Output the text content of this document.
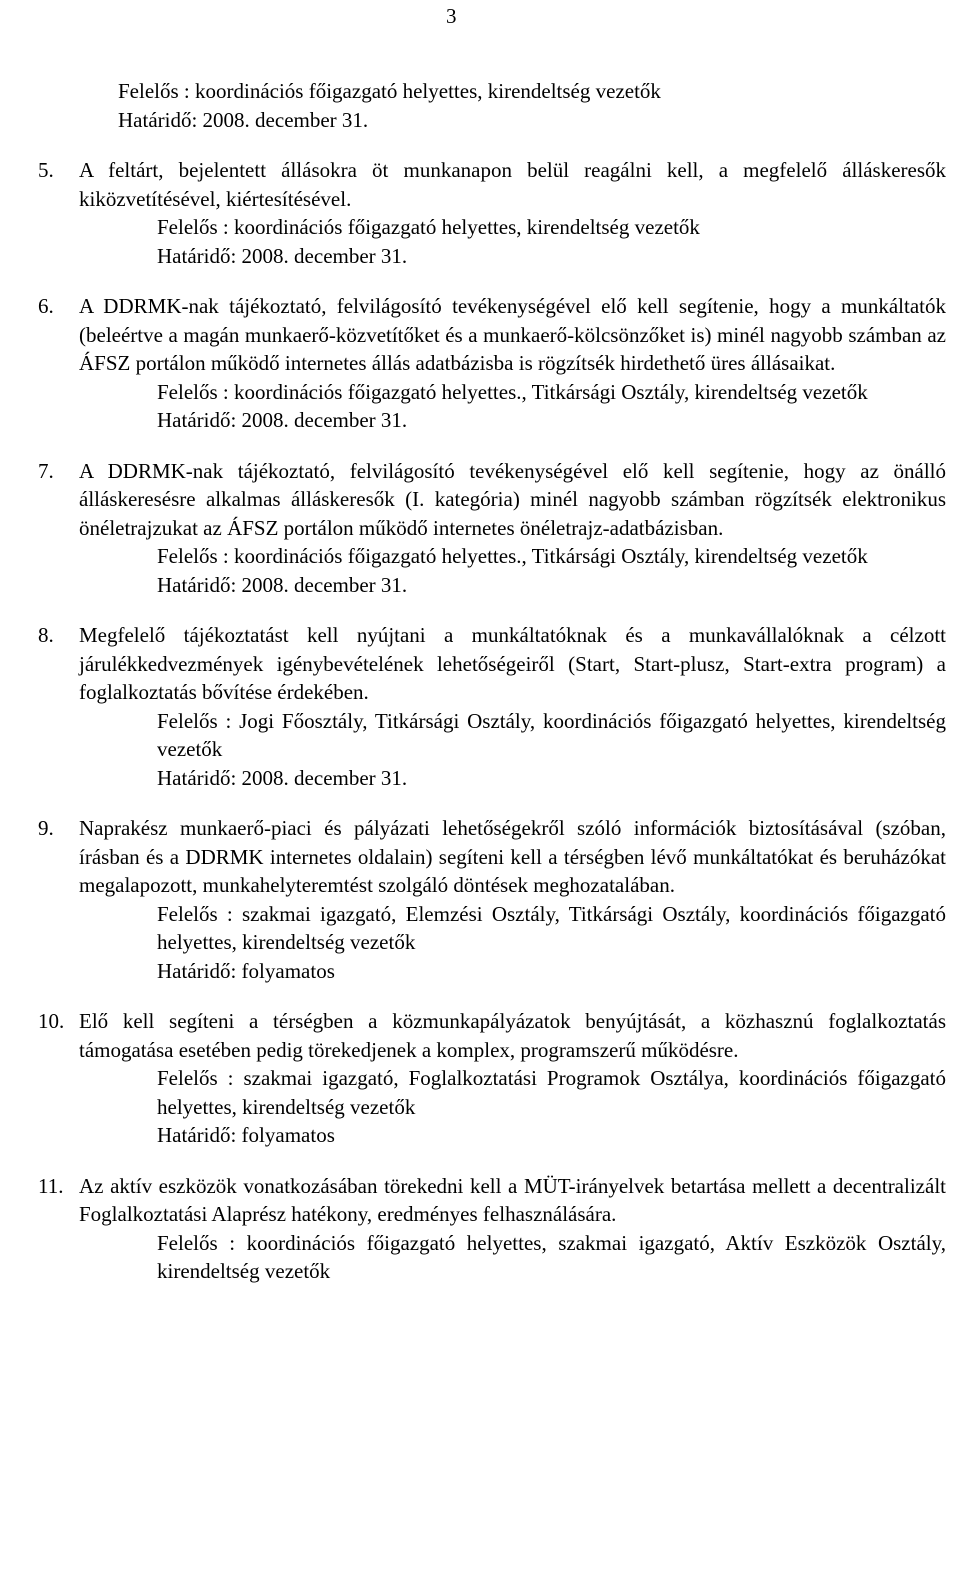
3
Felelős : koordinációs főigazgató helyettes, kirendeltség vezetők
Határidő: 2008. december 31.
5.	A feltárt, bejelentett állásokra öt munkanapon belül reagálni kell, a megfelelő álláskeresők kiközvetítésével, kiértesítésével.
Felelős : koordinációs főigazgató helyettes, kirendeltség vezetők
Határidő: 2008. december 31.
6.	A DDRMK-nak tájékoztató, felvilágosító tevékenységével elő kell segítenie, hogy a munkáltatók (beleértve a magán munkaerő-közvetítőket és a munkaerő-kölcsönzőket is) minél nagyobb számban az ÁFSZ portálon működő internetes állás adatbázisba is rögzítsék hirdethető üres állásaikat.
Felelős : koordinációs főigazgató helyettes., Titkársági Osztály, kirendeltség vezetők
Határidő: 2008. december 31.
7.	A DDRMK-nak tájékoztató, felvilágosító tevékenységével elő kell segítenie, hogy az önálló álláskeresésre alkalmas álláskeresők (I. kategória) minél nagyobb számban rögzítsék elektronikus önéletrajzukat az ÁFSZ portálon működő internetes önéletrajz-adatbázisban.
Felelős : koordinációs főigazgató helyettes., Titkársági Osztály, kirendeltség vezetők
Határidő: 2008. december 31.
8.	Megfelelő tájékoztatást kell nyújtani a munkáltatóknak és a munkavállalóknak a célzott járulékkedvezmények igénybevételének lehetőségeiről (Start, Start-plusz, Start-extra program) a foglalkoztatás bővítése érdekében.
Felelős : Jogi Főosztály, Titkársági Osztály, koordinációs főigazgató helyettes, kirendeltség vezetők
Határidő: 2008. december 31.
9.	Naprakész munkaerő-piaci és pályázati lehetőségekről szóló információk biztosításával (szóban, írásban és a DDRMK internetes oldalain) segíteni kell a térségben lévő munkáltatókat és beruházókat megalapozott, munkahelyteremtést szolgáló döntések meghozatalában.
Felelős : szakmai igazgató, Elemzési Osztály, Titkársági Osztály, koordinációs főigazgató helyettes, kirendeltség vezetők
Határidő: folyamatos
10. Elő kell segíteni a térségben a közmunkapályázatok benyújtását, a közhasznú foglalkoztatás támogatása esetében pedig törekedjenek a komplex, programszerű működésre.
Felelős : szakmai igazgató, Foglalkoztatási Programok Osztálya, koordinációs főigazgató helyettes, kirendeltség vezetők
Határidő: folyamatos
11. Az aktív eszközök vonatkozásában törekedni kell a MÜT-irányelvek betartása mellett a decentralizált Foglalkoztatási Alaprész hatékony, eredményes felhasználására.
Felelős : koordinációs főigazgató helyettes, szakmai igazgató, Aktív Eszközök Osztály, kirendeltség vezetők
